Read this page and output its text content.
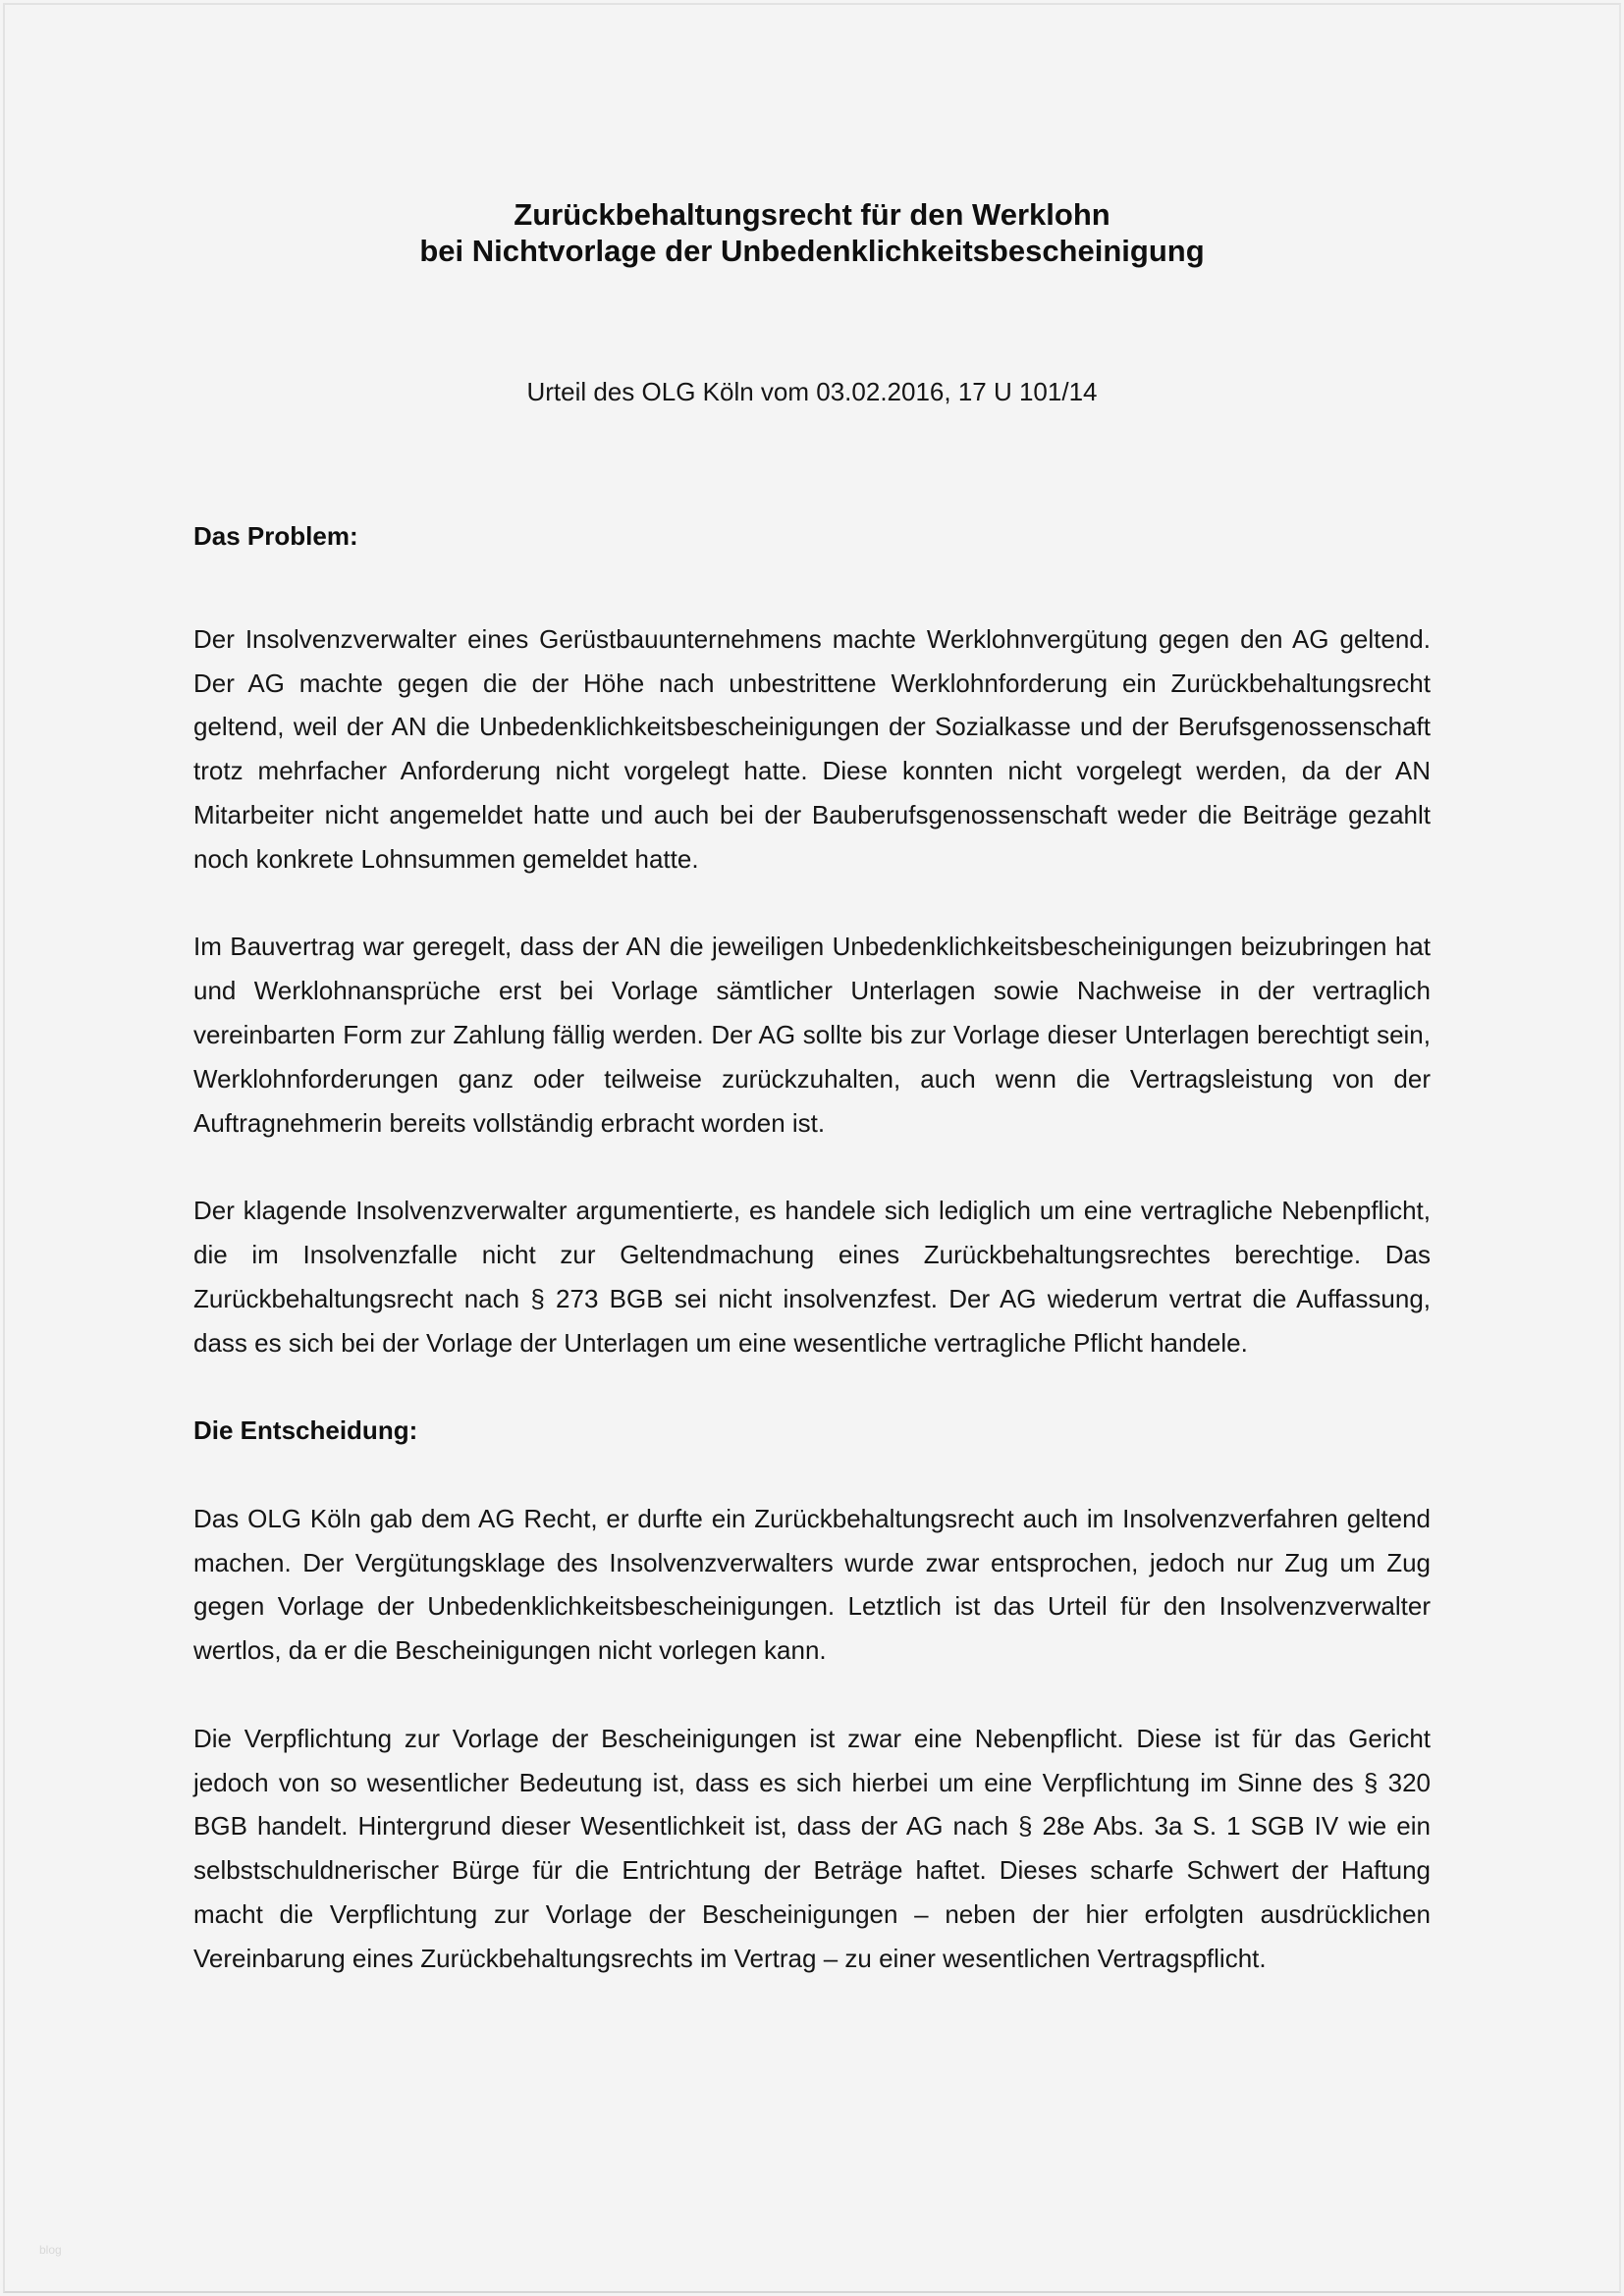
Zurückbehaltungsrecht für den Werklohn
bei Nichtvorlage der Unbedenklichkeitsbescheinigung
Urteil des OLG Köln vom 03.02.2016, 17 U 101/14
Das Problem:

Der Insolvenzverwalter eines Gerüstbauunternehmens machte Werklohnvergütung gegen den AG geltend. Der AG machte gegen die der Höhe nach unbestrittene Werklohnforderung ein Zurückbehaltungsrecht geltend, weil der AN die Unbedenklichkeitsbescheinigungen der Sozialkasse und der Berufsgenossenschaft trotz mehrfacher Anforderung nicht vorgelegt hatte. Diese konnten nicht vorgelegt werden, da der AN Mitarbeiter nicht angemeldet hatte und auch bei der Bauberufsgenossenschaft weder die Beiträge gezahlt noch konkrete Lohnsummen gemeldet hatte.

Im Bauvertrag war geregelt, dass der AN die jeweiligen Unbedenklichkeitsbescheinigungen beizubringen hat und Werklohnansprüche erst bei Vorlage sämtlicher Unterlagen sowie Nachweise in der vertraglich vereinbarten Form zur Zahlung fällig werden. Der AG sollte bis zur Vorlage dieser Unterlagen berechtigt sein, Werklohnforderungen ganz oder teilweise zurückzuhalten, auch wenn die Vertragsleistung von der Auftragnehmerin bereits vollständig erbracht worden ist.

Der klagende Insolvenzverwalter argumentierte, es handele sich lediglich um eine vertragliche Nebenpflicht, die im Insolvenzfalle nicht zur Geltendmachung eines Zurückbehaltungsrechtes berechtige. Das Zurückbehaltungsrecht nach § 273 BGB sei nicht insolvenzfest. Der AG wiederum vertrat die Auffassung, dass es sich bei der Vorlage der Unterlagen um eine wesentliche vertragliche Pflicht handele.

Die Entscheidung:

Das OLG Köln gab dem AG Recht, er durfte ein Zurückbehaltungsrecht auch im Insolvenzverfahren geltend machen. Der Vergütungsklage des Insolvenzverwalters wurde zwar entsprochen, jedoch nur Zug um Zug gegen Vorlage der Unbedenklichkeitsbescheinigungen. Letztlich ist das Urteil für den Insolvenzverwalter wertlos, da er die Bescheinigungen nicht vorlegen kann.

Die Verpflichtung zur Vorlage der Bescheinigungen ist zwar eine Nebenpflicht. Diese ist für das Gericht jedoch von so wesentlicher Bedeutung ist, dass es sich hierbei um eine Verpflichtung im Sinne des § 320 BGB handelt. Hintergrund dieser Wesentlichkeit ist, dass der AG nach § 28e Abs. 3a S. 1 SGB IV wie ein selbstschuldnerischer Bürge für die Entrichtung der Beträge haftet. Dieses scharfe Schwert der Haftung macht die Verpflichtung zur Vorlage der Bescheinigungen – neben der hier erfolgten ausdrücklichen Vereinbarung eines Zurückbehaltungsrechts im Vertrag – zu einer wesentlichen Vertragspflicht.

blog
